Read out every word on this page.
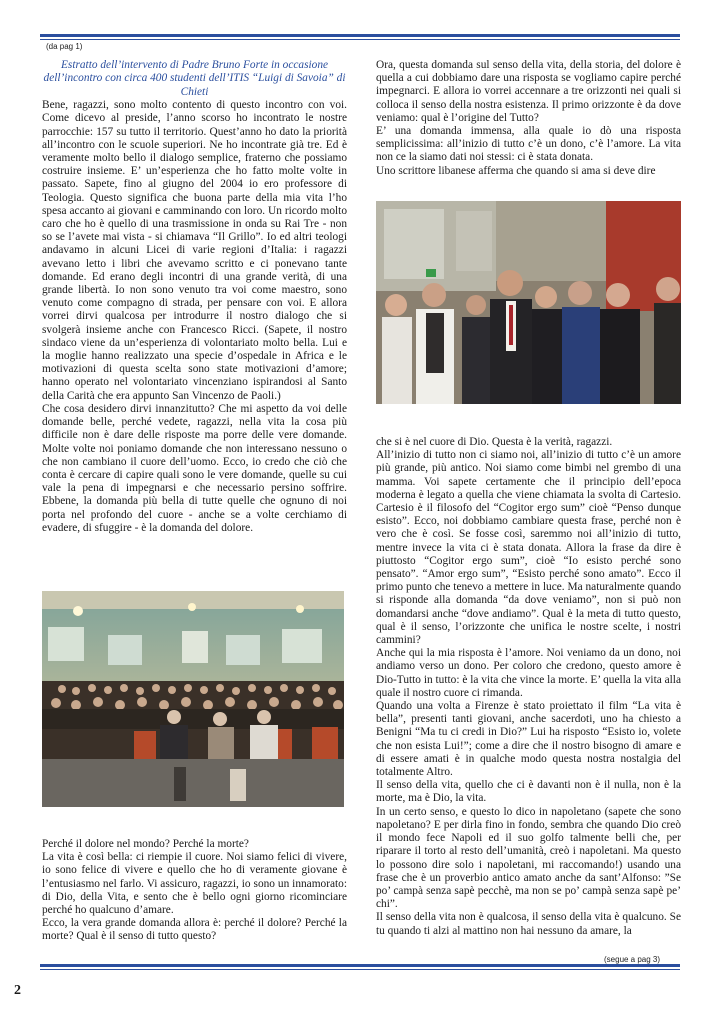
(da pag 1)

Estratto dell’intervento di Padre Bruno Forte in occasione dell’incontro con circa 400 studenti dell’ITIS “Luigi di Savoia” di Chieti

Bene, ragazzi, sono molto contento di questo incontro con voi. Come dicevo al preside, l’anno scorso ho incontrato le nostre parrocchie: 157 su tutto il territorio. Quest’anno ho dato la priorità all’incontro con le scuole superiori. Ne ho incontrate già tre. Ed è veramente molto bello il dialogo semplice, fraterno che possiamo costruire insieme. E’ un’esperienza che ho fatto molte volte in passato. Sapete, fino al giugno del 2004 io ero professore di Teologia. Questo significa che buona parte della mia vita l’ho spesa accanto ai giovani e camminando con loro. Un ricordo molto caro che ho è quello di una trasmissione in onda su Rai Tre - non so se l’avete mai vista - si chiamava “Il Grillo”. Io ed altri teologi andavamo in alcuni Licei di varie regioni d’Italia: i ragazzi avevano letto i libri che avevamo scritto e ci ponevano tante domande. Ed erano degli incontri di una grande verità, di una grande libertà. Io non sono venuto tra voi come maestro, sono venuto come compagno di strada, per pensare con voi. E allora vorrei dirvi qualcosa per introdurre il nostro dialogo che si svolgerà insieme anche con Francesco Ricci. (Sapete, il nostro sindaco viene da un’esperienza di volontariato molto bella. Lui e la moglie hanno realizzato una specie d’ospedale in Africa e le motivazioni di questa scelta sono state motivazioni d’amore; hanno operato nel volontariato vincenziano ispirandosi al Santo della Carità che era appunto San Vincenzo de Paoli.)

Che cosa desidero dirvi innanzitutto? Che mi aspetto da voi delle domande belle, perché vedete, ragazzi, nella vita la cosa più difficile non è dare delle risposte ma porre delle vere domande. Molte volte noi poniamo domande che non interessano nessuno o che non cambiano il cuore dell’uomo. Ecco, io credo che ciò che conta è cercare di capire quali sono le vere domande, quelle su cui vale la pena di impegnarsi e che necessario persino soffrire. Ebbene, la domanda più bella di tutte quelle che ognuno di noi porta nel profondo del cuore - anche se a volte cerchiamo di evadere, di sfuggire - è la domanda del dolore.

Perché il dolore nel mondo? Perché la morte?

La vita è così bella: ci riempie il cuore. Noi siamo felici di vivere, io sono felice di vivere e quello che ho di veramente giovane è l’entusiasmo nel farlo. Vi assicuro, ragazzi, io sono un innamorato: di Dio, della Vita, e sento che è bello ogni giorno ricominciare perché ho qualcuno d’amare.

Ecco, la vera grande domanda allora è: perché il dolore? Perché la morte? Qual è il senso di tutto questo?

Ora, questa domanda sul senso della vita, della storia, del dolore è quella a cui dobbiamo dare una risposta se vogliamo capire perché impegnarci. E allora io vorrei accennare a tre orizzonti nei quali si colloca il senso della nostra esistenza. Il primo orizzonte è da dove veniamo: qual è l’origine del Tutto?

E’ una domanda immensa, alla quale io dò una risposta semplicissima: all’inizio di tutto c’è un dono, c’è l’amore. La vita non ce la siamo dati noi stessi: ci è stata donata.

Uno scrittore libanese afferma che quando si ama si deve dire

che si è nel cuore di Dio. Questa è la verità, ragazzi.

All’inizio di tutto non ci siamo noi, all’inizio di tutto c’è un amore più grande, più antico. Noi siamo come bimbi nel grembo di una mamma. Voi sapete certamente che il principio dell’epoca moderna è legato a quella che viene chiamata la svolta di Cartesio. Cartesio è il filosofo del “Cogitor ergo sum” cioè “Penso dunque esisto”. Ecco, noi dobbiamo cambiare questa frase, perché non è vero che è così. Se fosse così, saremmo noi all’inizio di tutto, mentre invece la vita ci è stata donata. Allora la frase da dire è piuttosto “Cogitor ergo sum”, cioè “Io esisto perché sono pensato”. “Amor ergo sum”, “Esisto perché sono amato”. Ecco il primo punto che tenevo a mettere in luce. Ma naturalmente quando si risponde alla domanda “da dove veniamo”, non si può non domandarsi anche “dove andiamo”. Qual è la meta di tutto questo, qual è il senso, l’orizzonte che unifica le nostre scelte, i nostri cammini?

Anche qui la mia risposta è l’amore. Noi veniamo da un dono, noi andiamo verso un dono. Per coloro che credono, questo amore è Dio-Tutto in tutto: è la vita che vince la morte. E’ quella la vita alla quale il nostro cuore ci rimanda.

Quando una volta a Firenze è stato proiettato il film “La vita è bella”, presenti tanti giovani, anche sacerdoti, uno ha chiesto a Benigni “Ma tu ci credi in Dio?” Lui ha risposto “Esisto io, volete che non esista Lui!”; come a dire che il nostro bisogno di amare e di essere amati è in qualche modo questa nostra nostalgia del totalmente Altro.

Il senso della vita, quello che ci è davanti non è il nulla, non è la morte, ma è Dio, la vita.

In un certo senso, e questo lo dico in napoletano (sapete che sono napoletano? E per dirla fino in fondo, sembra che quando Dio creò il mondo fece Napoli ed il suo golfo talmente belli che, per riparare il torto al resto dell’umanità, creò i napoletani. Ma questo lo possono dire solo i napoletani, mi raccomando!) usando una frase che è un proverbio antico amato anche da sant’Alfonso: ”Se po’ campà senza sapè pecchè, ma non se po’ campà senza sapè pe’ chi”.

Il senso della vita non è qualcosa, il senso della vita è qualcuno. Se tu quando ti alzi al mattino non hai nessuno da amare, la

(segue a pag 3)
2
